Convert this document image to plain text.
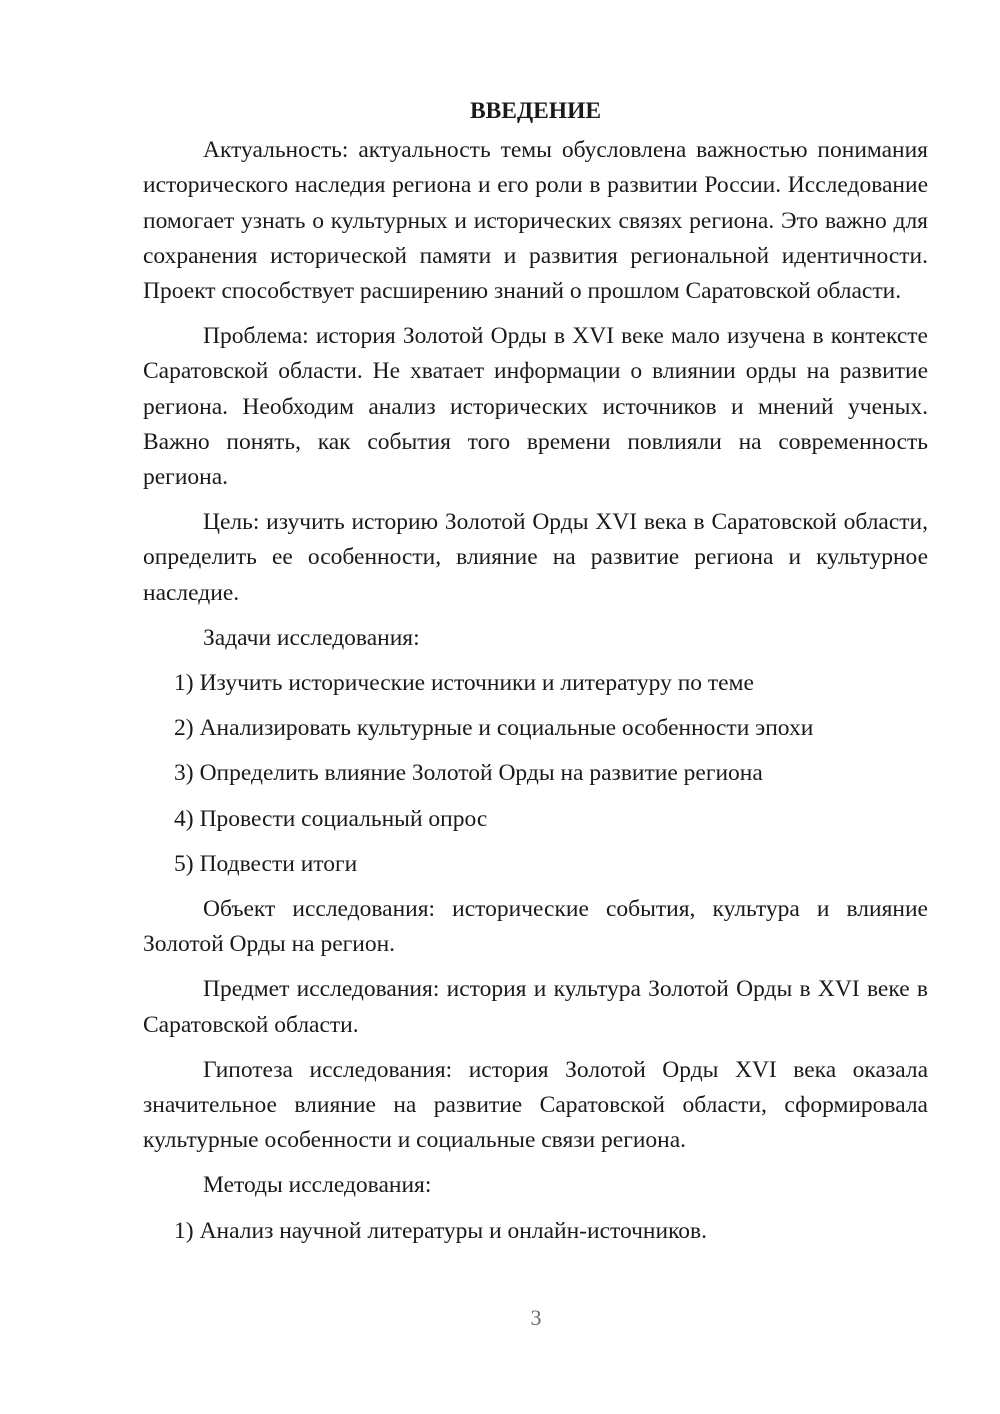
ВВЕДЕНИЕ

Актуальность: актуальность темы обусловлена важностью понимания исторического наследия региона и его роли в развитии России. Исследование помогает узнать о культурных и исторических связях региона. Это важно для сохранения исторической памяти и развития региональной идентичности. Проект способствует расширению знаний о прошлом Саратовской области.

Проблема: история Золотой Орды в XVI веке мало изучена в контексте Саратовской области. Не хватает информации о влиянии орды на развитие региона. Необходим анализ исторических источников и мнений ученых. Важно понять, как события того времени повлияли на современность региона.

Цель: изучить историю Золотой Орды XVI века в Саратовской области, определить ее особенности, влияние на развитие региона и культурное наследие.

Задачи исследования:

1) Изучить исторические источники и литературу по теме
2) Анализировать культурные и социальные особенности эпохи
3) Определить влияние Золотой Орды на развитие региона
4) Провести социальный опрос
5) Подвести итоги

Объект исследования: исторические события, культура и влияние Золотой Орды на регион.

Предмет исследования: история и культура Золотой Орды в XVI веке в Саратовской области.

Гипотеза исследования: история Золотой Орды XVI века оказала значительное влияние на развитие Саратовской области, сформировала культурные особенности и социальные связи региона.

Методы исследования:

1) Анализ научной литературы и онлайн-источников.
3
